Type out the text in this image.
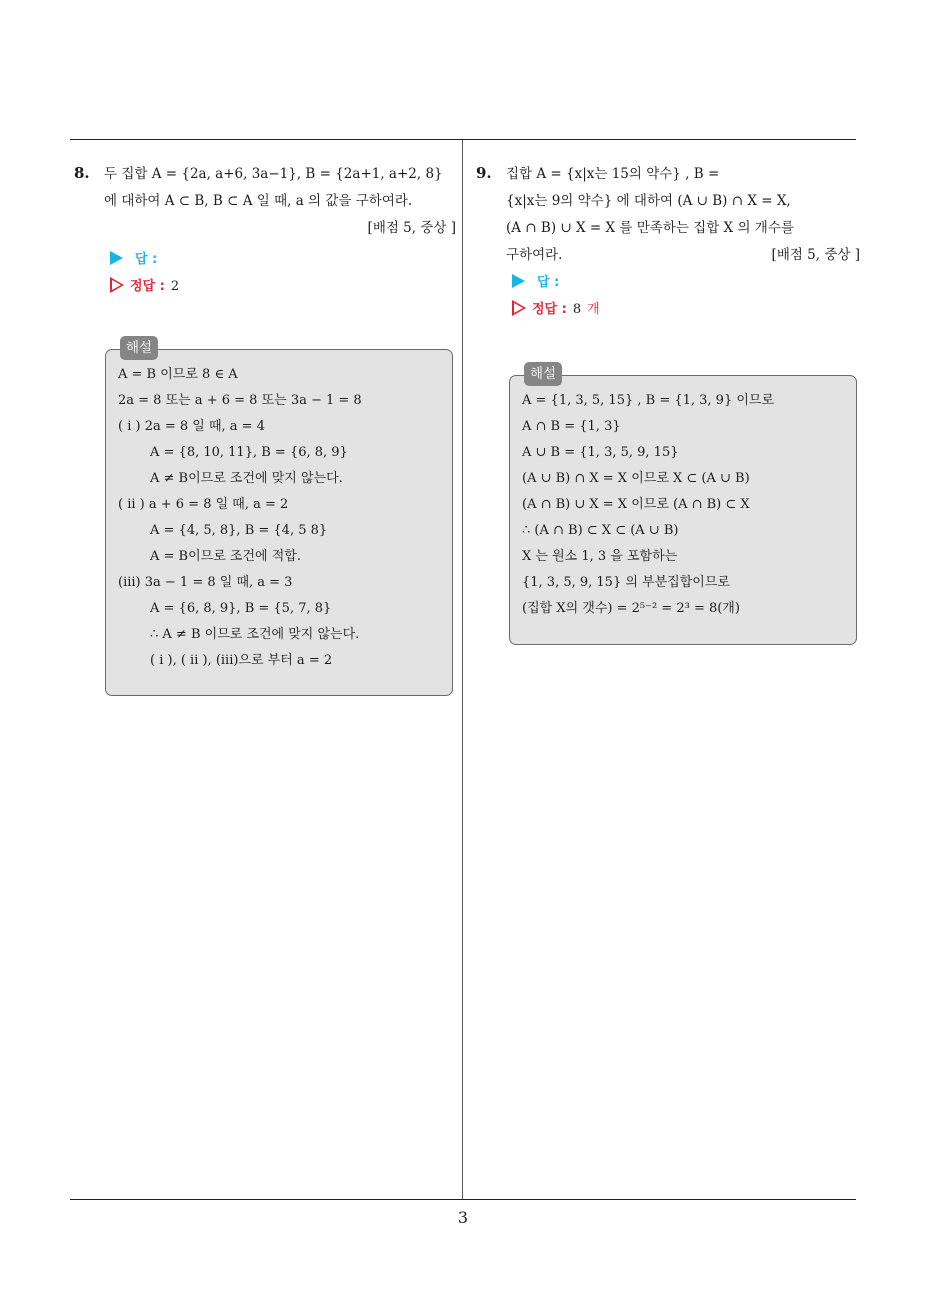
8. 두 집합 A = {2a, a+6, 3a−1}, B = {2a+1, a+2, 8}
에 대하여 A ⊂ B, B ⊂ A 일 때, a 의 값을 구하여라.
[배점 5, 중상 ]
답 :
정답 : 2
해설
A = B 이므로 8 ∈ A
2a = 8 또는 a + 6 = 8 또는 3a − 1 = 8
( i ) 2a = 8 일 때, a = 4
A = {8, 10, 11}, B = {6, 8, 9}
A ≠ B이므로 조건에 맞지 않는다.
( ii ) a + 6 = 8 일 때, a = 2
A = {4, 5, 8}, B = {4, 5 8}
A = B이므로 조건에 적합.
(iii) 3a − 1 = 8 일 때, a = 3
A = {6, 8, 9}, B = {5, 7, 8}
∴ A ≠ B 이므로 조건에 맞지 않는다.
( i ), ( ii ), (iii)으로 부터 a = 2
9. 집합 A = {x|x는 15의 약수} , B =
{x|x는 9의 약수} 에 대하여 (A ∪ B) ∩ X = X,
(A ∩ B) ∪ X = X 를 만족하는 집합 X 의 개수를
구하여라.	[배점 5, 중상 ]
답 :
정답 : 8 개
해설
A = {1, 3, 5, 15} , B = {1, 3, 9} 이므로
A ∩ B = {1, 3}
A ∪ B = {1, 3, 5, 9, 15}
(A ∪ B) ∩ X = X 이므로 X ⊂ (A ∪ B)
(A ∩ B) ∪ X = X 이므로 (A ∩ B) ⊂ X
∴ (A ∩ B) ⊂ X ⊂ (A ∪ B)
X 는 원소 1, 3 을 포함하는
{1, 3, 5, 9, 15} 의 부분집합이므로
(집합 X의 갯수) = 2⁵⁻² = 2³ = 8(개)
3
